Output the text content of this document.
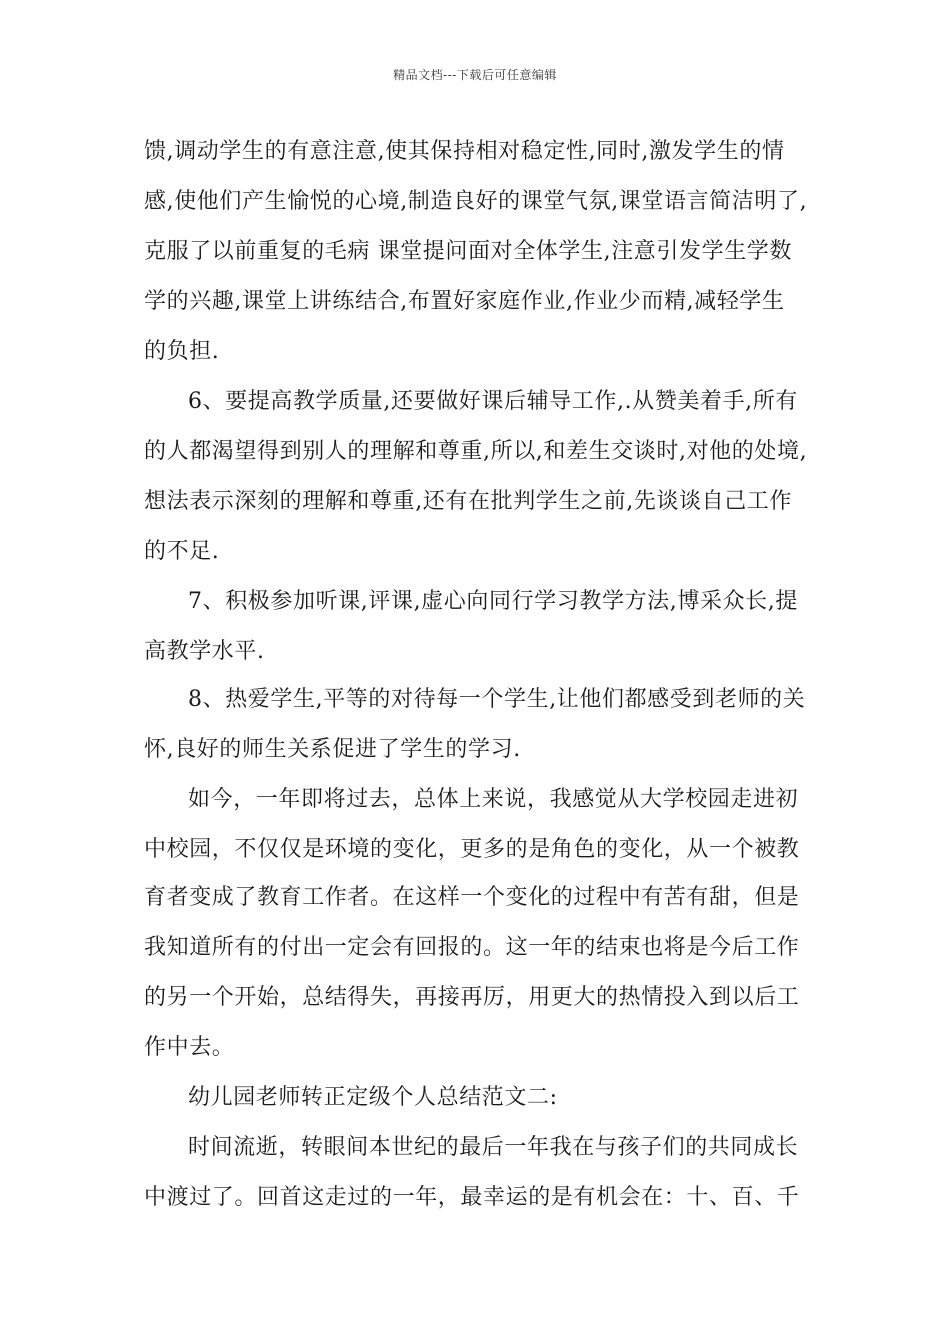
精品文档---下载后可任意编辑
馈,调动学生的有意注意,使其保持相对稳定性,同时,激发学生的情
感,使他们产生愉悦的心境,制造良好的课堂气氛,课堂语言简洁明了,
克服了以前重复的毛病 课堂提问面对全体学生,注意引发学生学数
学的兴趣,课堂上讲练结合,布置好家庭作业,作业少而精,减轻学生
的负担.
6、要提高教学质量,还要做好课后辅导工作,.从赞美着手,所有
的人都渴望得到别人的理解和尊重,所以,和差生交谈时,对他的处境,
想法表示深刻的理解和尊重,还有在批判学生之前,先谈谈自己工作
的不足.
7、积极参加听课,评课,虚心向同行学习教学方法,博采众长,提
高教学水平.
8、热爱学生,平等的对待每一个学生,让他们都感受到老师的关
怀,良好的师生关系促进了学生的学习.
如今，一年即将过去，总体上来说，我感觉从大学校园走进初
中校园，不仅仅是环境的变化，更多的是角色的变化，从一个被教
育者变成了教育工作者。在这样一个变化的过程中有苦有甜，但是
我知道所有的付出一定会有回报的。这一年的结束也将是今后工作
的另一个开始，总结得失，再接再厉，用更大的热情投入到以后工
作中去。
幼儿园老师转正定级个人总结范文二:
时间流逝，转眼间本世纪的最后一年我在与孩子们的共同成长
中渡过了。回首这走过的一年，最幸运的是有机会在：十、百、千
